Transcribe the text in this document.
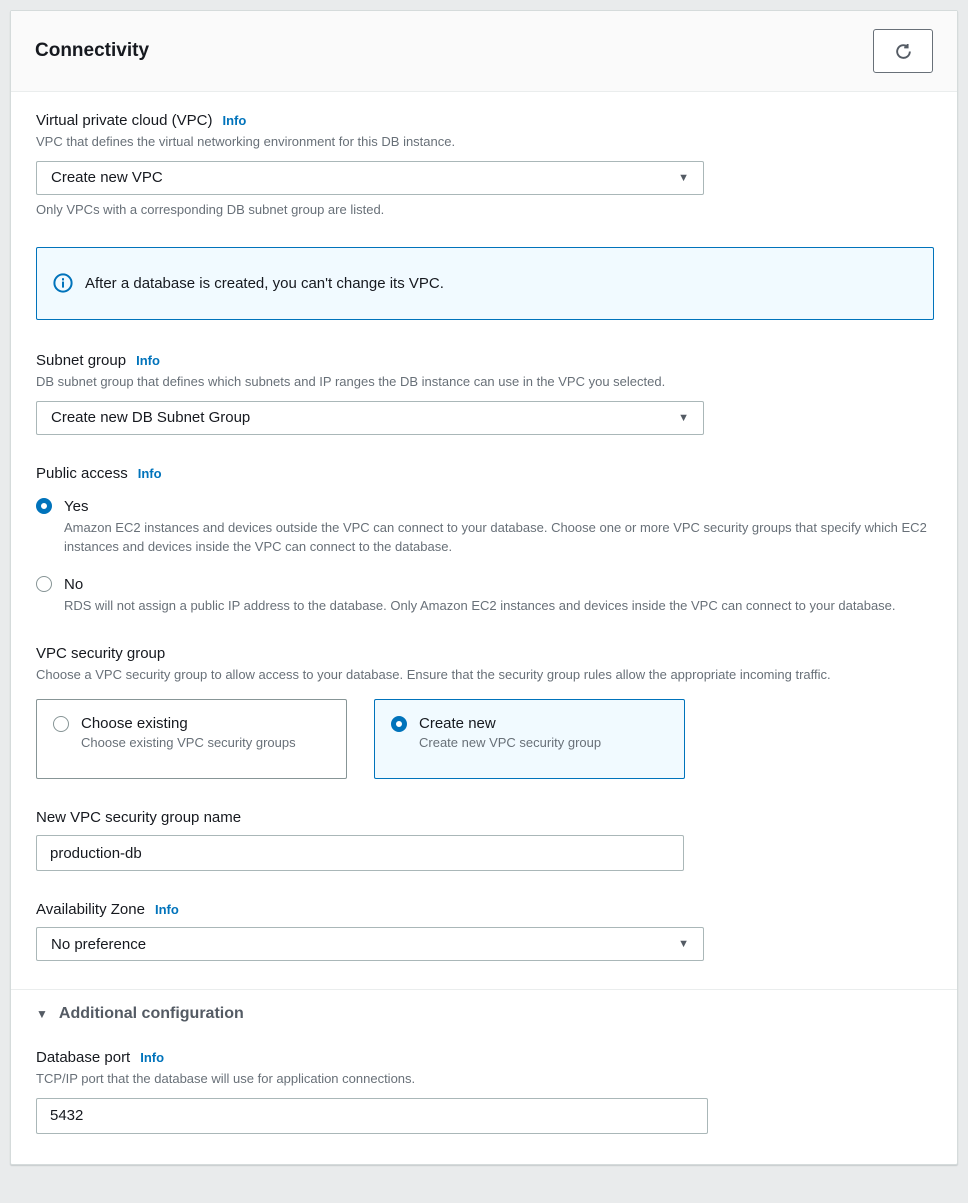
Connectivity
Virtual private cloud (VPC) Info
VPC that defines the virtual networking environment for this DB instance.
Create new VPC	▼
Only VPCs with a corresponding DB subnet group are listed.
After a database is created, you can't change its VPC.
Subnet group Info
DB subnet group that defines which subnets and IP ranges the DB instance can use in the VPC you selected.
Create new DB Subnet Group	▼
Public access Info
Yes
Amazon EC2 instances and devices outside the VPC can connect to your database. Choose one or more VPC security groups that specify which EC2 instances and devices inside the VPC can connect to the database.
No
RDS will not assign a public IP address to the database. Only Amazon EC2 instances and devices inside the VPC can connect to your database.
VPC security group
Choose a VPC security group to allow access to your database. Ensure that the security group rules allow the appropriate incoming traffic.
Choose existing
Choose existing VPC security groups
Create new
Create new VPC security group
New VPC security group name
production-db
Availability Zone Info
No preference	▼
▼ Additional configuration
Database port Info
TCP/IP port that the database will use for application connections.
5432
